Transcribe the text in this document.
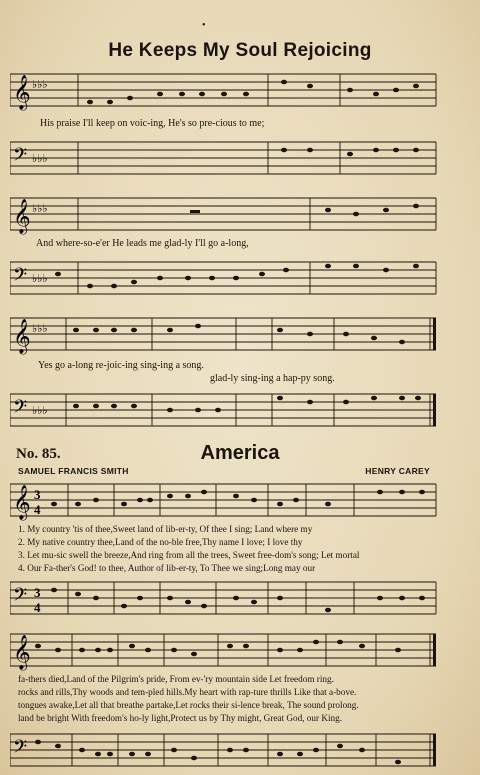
•
He Keeps My Soul Rejoicing
𝄞 ♭♭♭
His praise I'll keep on voic-ing, He's so pre-cious to me;
𝄢 ♭♭♭
𝄞 ♭♭♭
And where-so-e'er He leads me glad-ly I'll go a-long,
𝄢 ♭♭♭
𝄞 ♭♭♭
Yes go a-long re-joic-ing sing-ing a song.
glad-ly sing-ing a hap-py song.
𝄢 ♭♭♭
No. 85.	America
SAMUEL FRANCIS SMITH	HENRY CAREY
𝄞 3
4
1. My country 'tis of thee,Sweet land of lib-er-ty, Of thee I sing; Land where my
2. My native country thee,Land of the no-ble free,Thy name I love; I love thy
3. Let mu-sic swell the breeze,And ring from all the trees, Sweet free-dom's song; Let mortal
4. Our Fa-ther's God! to thee, Author of lib-er-ty, To Thee we sing;Long may our
𝄢 3
4
𝄞
fa-thers died,Land of the Pilgrim's pride, From ev-'ry mountain side Let freedom ring.
rocks and rills,Thy woods and tem-pled hills.My heart with rap-ture thrills Like that a-bove.
tongues awake,Let all that breathe partake,Let rocks their si-lence break, The sound prolong.
land be bright With freedom's ho-ly light,Protect us by Thy might, Great God, our King.
𝄢
